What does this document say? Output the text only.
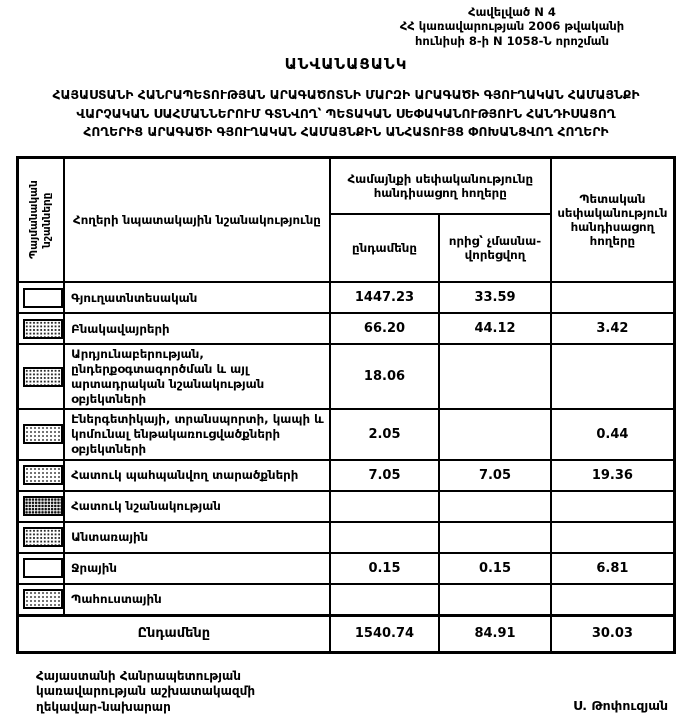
Հավելված N 4
ՀՀ կառավարության 2006 թվականի
հունիսի 8-ի N 1058-Ն որոշման
ԱՆՎԱՆԱՑԱՆԿ
ՀԱՅԱՍՏԱՆԻ ՀԱՆՐԱՊԵՏՈՒԹՅԱՆ ԱՐԱԳԱԾՈՏՆԻ ՄԱՐԶԻ ԱՐԱԳԱԾԻ ԳՅՈՒՂԱԿԱՆ ՀԱՄԱՅՆՔԻ
ՎԱՐՉԱԿԱՆ ՍԱՀՄԱՆՆԵՐՈՒՄ ԳՏՆՎՈՂ՝ ՊԵՏԱԿԱՆ ՍԵՓԱԿԱՆՈՒԹՅՈՒՆ ՀԱՆԴԻՍԱՑՈՂ
ՀՈՂԵՐԻՑ ԱՐԱԳԱԾԻ ԳՅՈՒՂԱԿԱՆ ՀԱՄԱՅՆՔԻՆ ԱՆՀԱՏՈՒՅՑ ՓՈԽԱՆՑՎՈՂ ՀՈՂԵՐԻ
Պայմանական նշանները	Հողերի նպատակային նշանակությունը	Համայնքի սեփականությունը հանդիսացող հողերը		Պետական սեփականություն հանդիսացող հողերը
		ընդամենը	որից՝ չմասնա-վորեցվող	
	Գյուղատնտեսական	1447.23	33.59	
	Բնակավայրերի	66.20	44.12	3.42
	Արդյունաբերության, ընդերքօգտագործման և այլ արտադրական նշանակության օբյեկտների	18.06		
	Էներգետիկայի, տրանսպորտի, կապի և կոմունալ ենթակառուցվածքների օբյեկտների	2.05		0.44
	Հատուկ պահպանվող տարածքների	7.05	7.05	19.36
	Հատուկ նշանակության			
	Անտառային			
	Ջրային	0.15	0.15	6.81
	Պահուստային			
Ընդամենը		1540.74	84.91	30.03
Հայաստանի Հանրապետության
կառավարության աշխատակազմի
ղեկավար-նախարար	Ս. Թոփուզյան
